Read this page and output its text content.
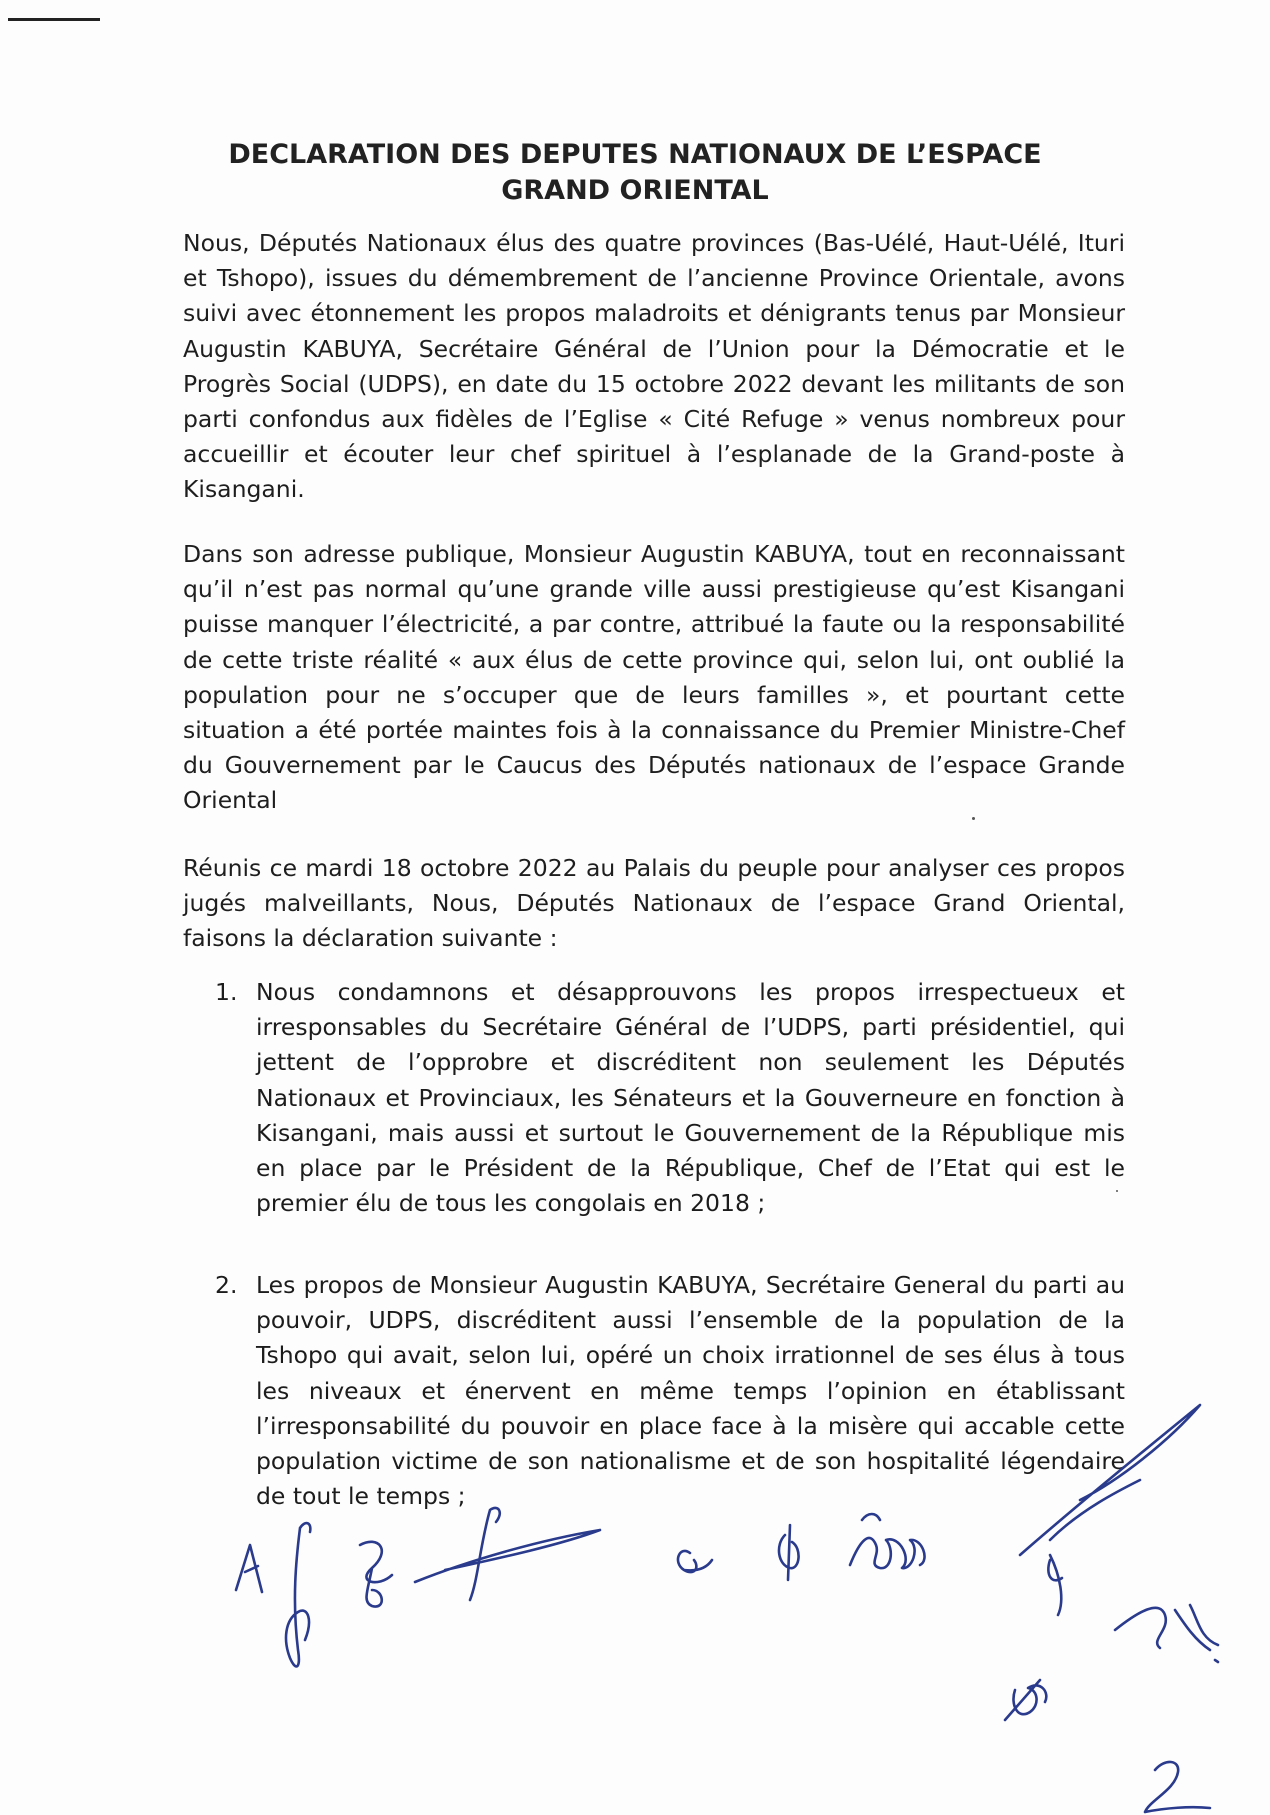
DECLARATION DES DEPUTES NATIONAUX DE L’ESPACE
GRAND ORIENTAL

Nous, Députés Nationaux élus des quatre provinces (Bas-Uélé, Haut-Uélé, Ituri et Tshopo), issues du démembrement de l’ancienne Province Orientale, avons suivi avec étonnement les propos maladroits et dénigrants tenus par Monsieur Augustin KABUYA, Secrétaire Général de l’Union pour la Démocratie et le Progrès Social (UDPS), en date du 15 octobre 2022 devant les militants de son parti confondus aux fidèles de l’Eglise « Cité Refuge » venus nombreux pour accueillir et écouter leur chef spirituel à l’esplanade de la Grand-poste à Kisangani.

Dans son adresse publique, Monsieur Augustin KABUYA, tout en reconnaissant qu’il n’est pas normal qu’une grande ville aussi prestigieuse qu’est Kisangani puisse manquer l’électricité, a par contre, attribué la faute ou la responsabilité de cette triste réalité « aux élus de cette province qui, selon lui, ont oublié la population pour ne s’occuper que de leurs familles », et pourtant cette situation a été portée maintes fois à la connaissance du Premier Ministre-Chef du Gouvernement par le Caucus des Députés nationaux de l’espace Grande Oriental

Réunis ce mardi 18 octobre 2022 au Palais du peuple pour analyser ces propos jugés malveillants, Nous, Députés Nationaux de l’espace Grand Oriental, faisons la déclaration suivante :

1. Nous condamnons et désapprouvons les propos irrespectueux et irresponsables du Secrétaire Général de l’UDPS, parti présidentiel, qui jettent de l’opprobre et discréditent non seulement les Députés Nationaux et Provinciaux, les Sénateurs et la Gouverneure en fonction à Kisangani, mais aussi et surtout le Gouvernement de la République mis en place par le Président de la République, Chef de l’Etat qui est le premier élu de tous les congolais en 2018 ;

2. Les propos de Monsieur Augustin KABUYA, Secrétaire General du parti au pouvoir, UDPS, discréditent aussi l’ensemble de la population de la Tshopo qui avait, selon lui, opéré un choix irrationnel de ses élus à tous les niveaux et énervent en même temps l’opinion en établissant l’irresponsabilité du pouvoir en place face à la misère qui accable cette population victime de son nationalisme et de son hospitalité légendaire de tout le temps ;
